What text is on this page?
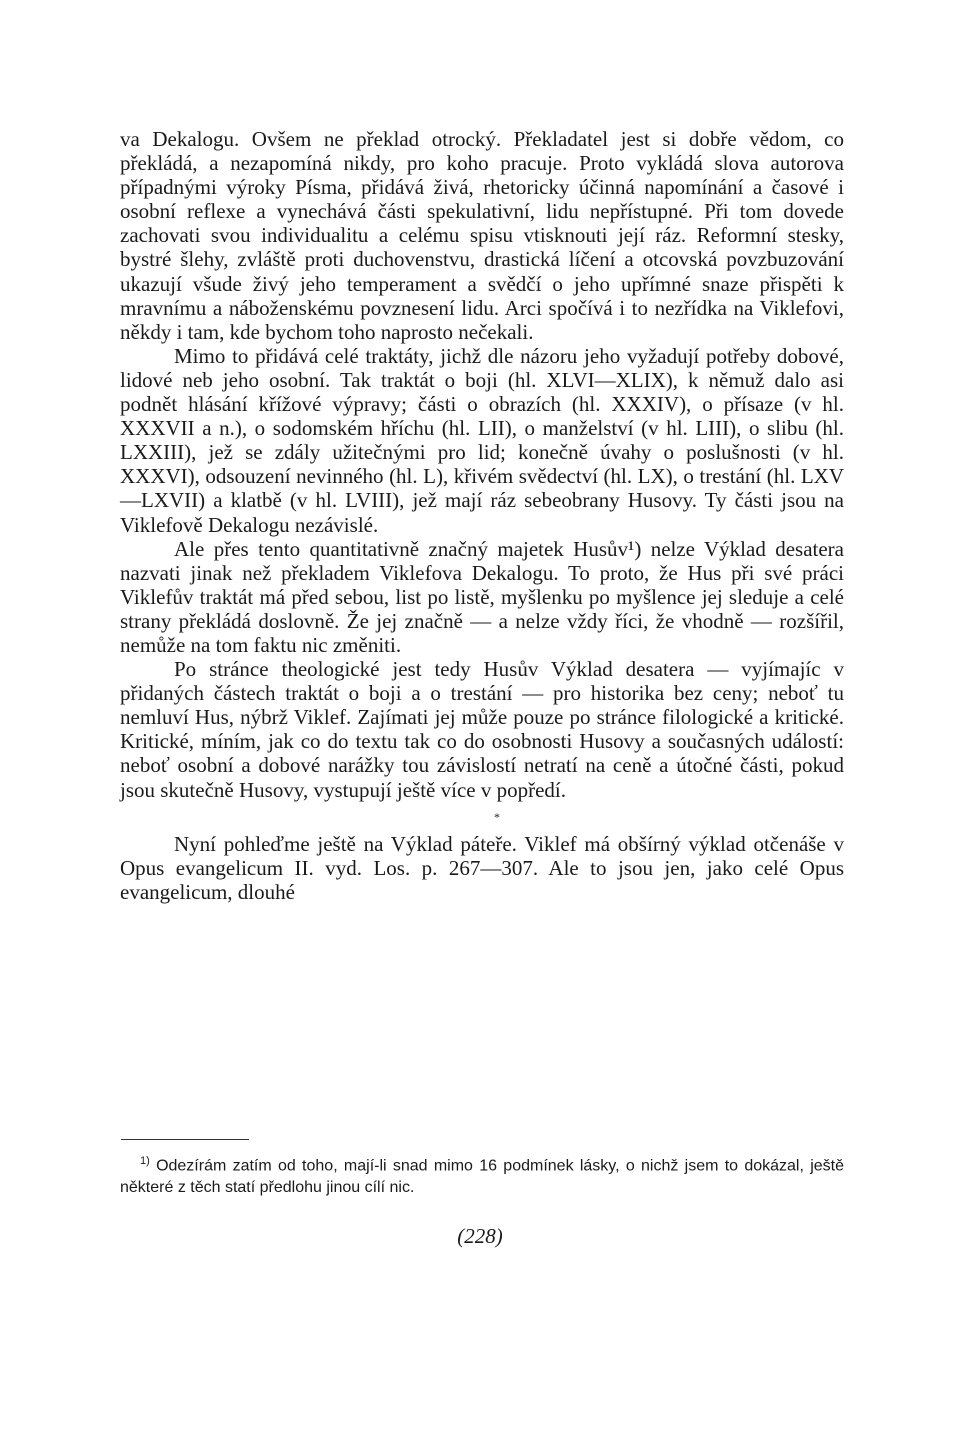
va Dekalogu. Ovšem ne překlad otrocký. Překladatel jest si dobře vědom, co překládá, a nezapomíná nikdy, pro koho pracuje. Proto vykládá slova autorova případnými výroky Písma, přidává živá, rhetoricky účinná napomínání a časové i osobní reflexe a vynechává části spekulativní, lidu nepřístupné. Při tom dovede zachovati svou individualitu a celému spisu vtisknouti její ráz. Reformní stesky, bystré šlehy, zvláště proti duchovenstvu, drastická líčení a otcovská povzbuzování ukazují všude živý jeho temperament a svědčí o jeho upřímné snaze přispěti k mravnímu a náboženskému povznesení lidu. Arci spočívá i to nezřídka na Viklefovi, někdy i tam, kde bychom toho naprosto nečekali.

Mimo to přidává celé traktáty, jichž dle názoru jeho vyžadují potřeby dobové, lidové neb jeho osobní. Tak traktát o boji (hl. XLVI—XLIX), k němuž dalo asi podnět hlásání křížové výpravy; části o obrazích (hl. XXXIV), o přísaze (v hl. XXXVII a n.), o sodomském hříchu (hl. LII), o manželství (v hl. LIII), o slibu (hl. LXXIII), jež se zdály užitečnými pro lid; konečně úvahy o poslušnosti (v hl. XXXVI), odsouzení nevinného (hl. L), křivém svědectví (hl. LX), o trestání (hl. LXV—LXVII) a klatbě (v hl. LVIII), jež mají ráz sebeobrany Husovy. Ty části jsou na Viklefově Dekalogu nezávislé.

Ale přes tento quantitativně značný majetek Husův¹) nelze Výklad desatera nazvati jinak než překladem Viklefova Dekalogu. To proto, že Hus při své práci Viklefův traktát má před sebou, list po listě, myšlenku po myšlence jej sleduje a celé strany překládá doslovně. Že jej značně — a nelze vždy říci, že vhodně — rozšířil, nemůže na tom faktu nic změniti.

Po stránce theologické jest tedy Husův Výklad desatera — vyjímajíc v přidaných částech traktát o boji a o trestání — pro historika bez ceny; neboť tu nemluví Hus, nýbrž Viklef. Zajímati jej může pouze po stránce filologické a kritické. Kritické, míním, jak co do textu tak co do osobnosti Husovy a současných událostí: neboť osobní a dobové narážky tou závislostí netratí na ceně a útočné části, pokud jsou skutečně Husovy, vystupují ještě více v popředí.

*

Nyní pohleďme ještě na Výklad páteře. Viklef má obšírný výklad otčenáše v Opus evangelicum II. vyd. Los. p. 267—307. Ale to jsou jen, jako celé Opus evangelicum, dlouhé

$^{1)}$ Odezírám zatím od toho, mají-li snad mimo 16 podmínek lásky, o nichž jsem to dokázal, ještě některé z těch statí předlohu jinou cílí nic.

(228)
